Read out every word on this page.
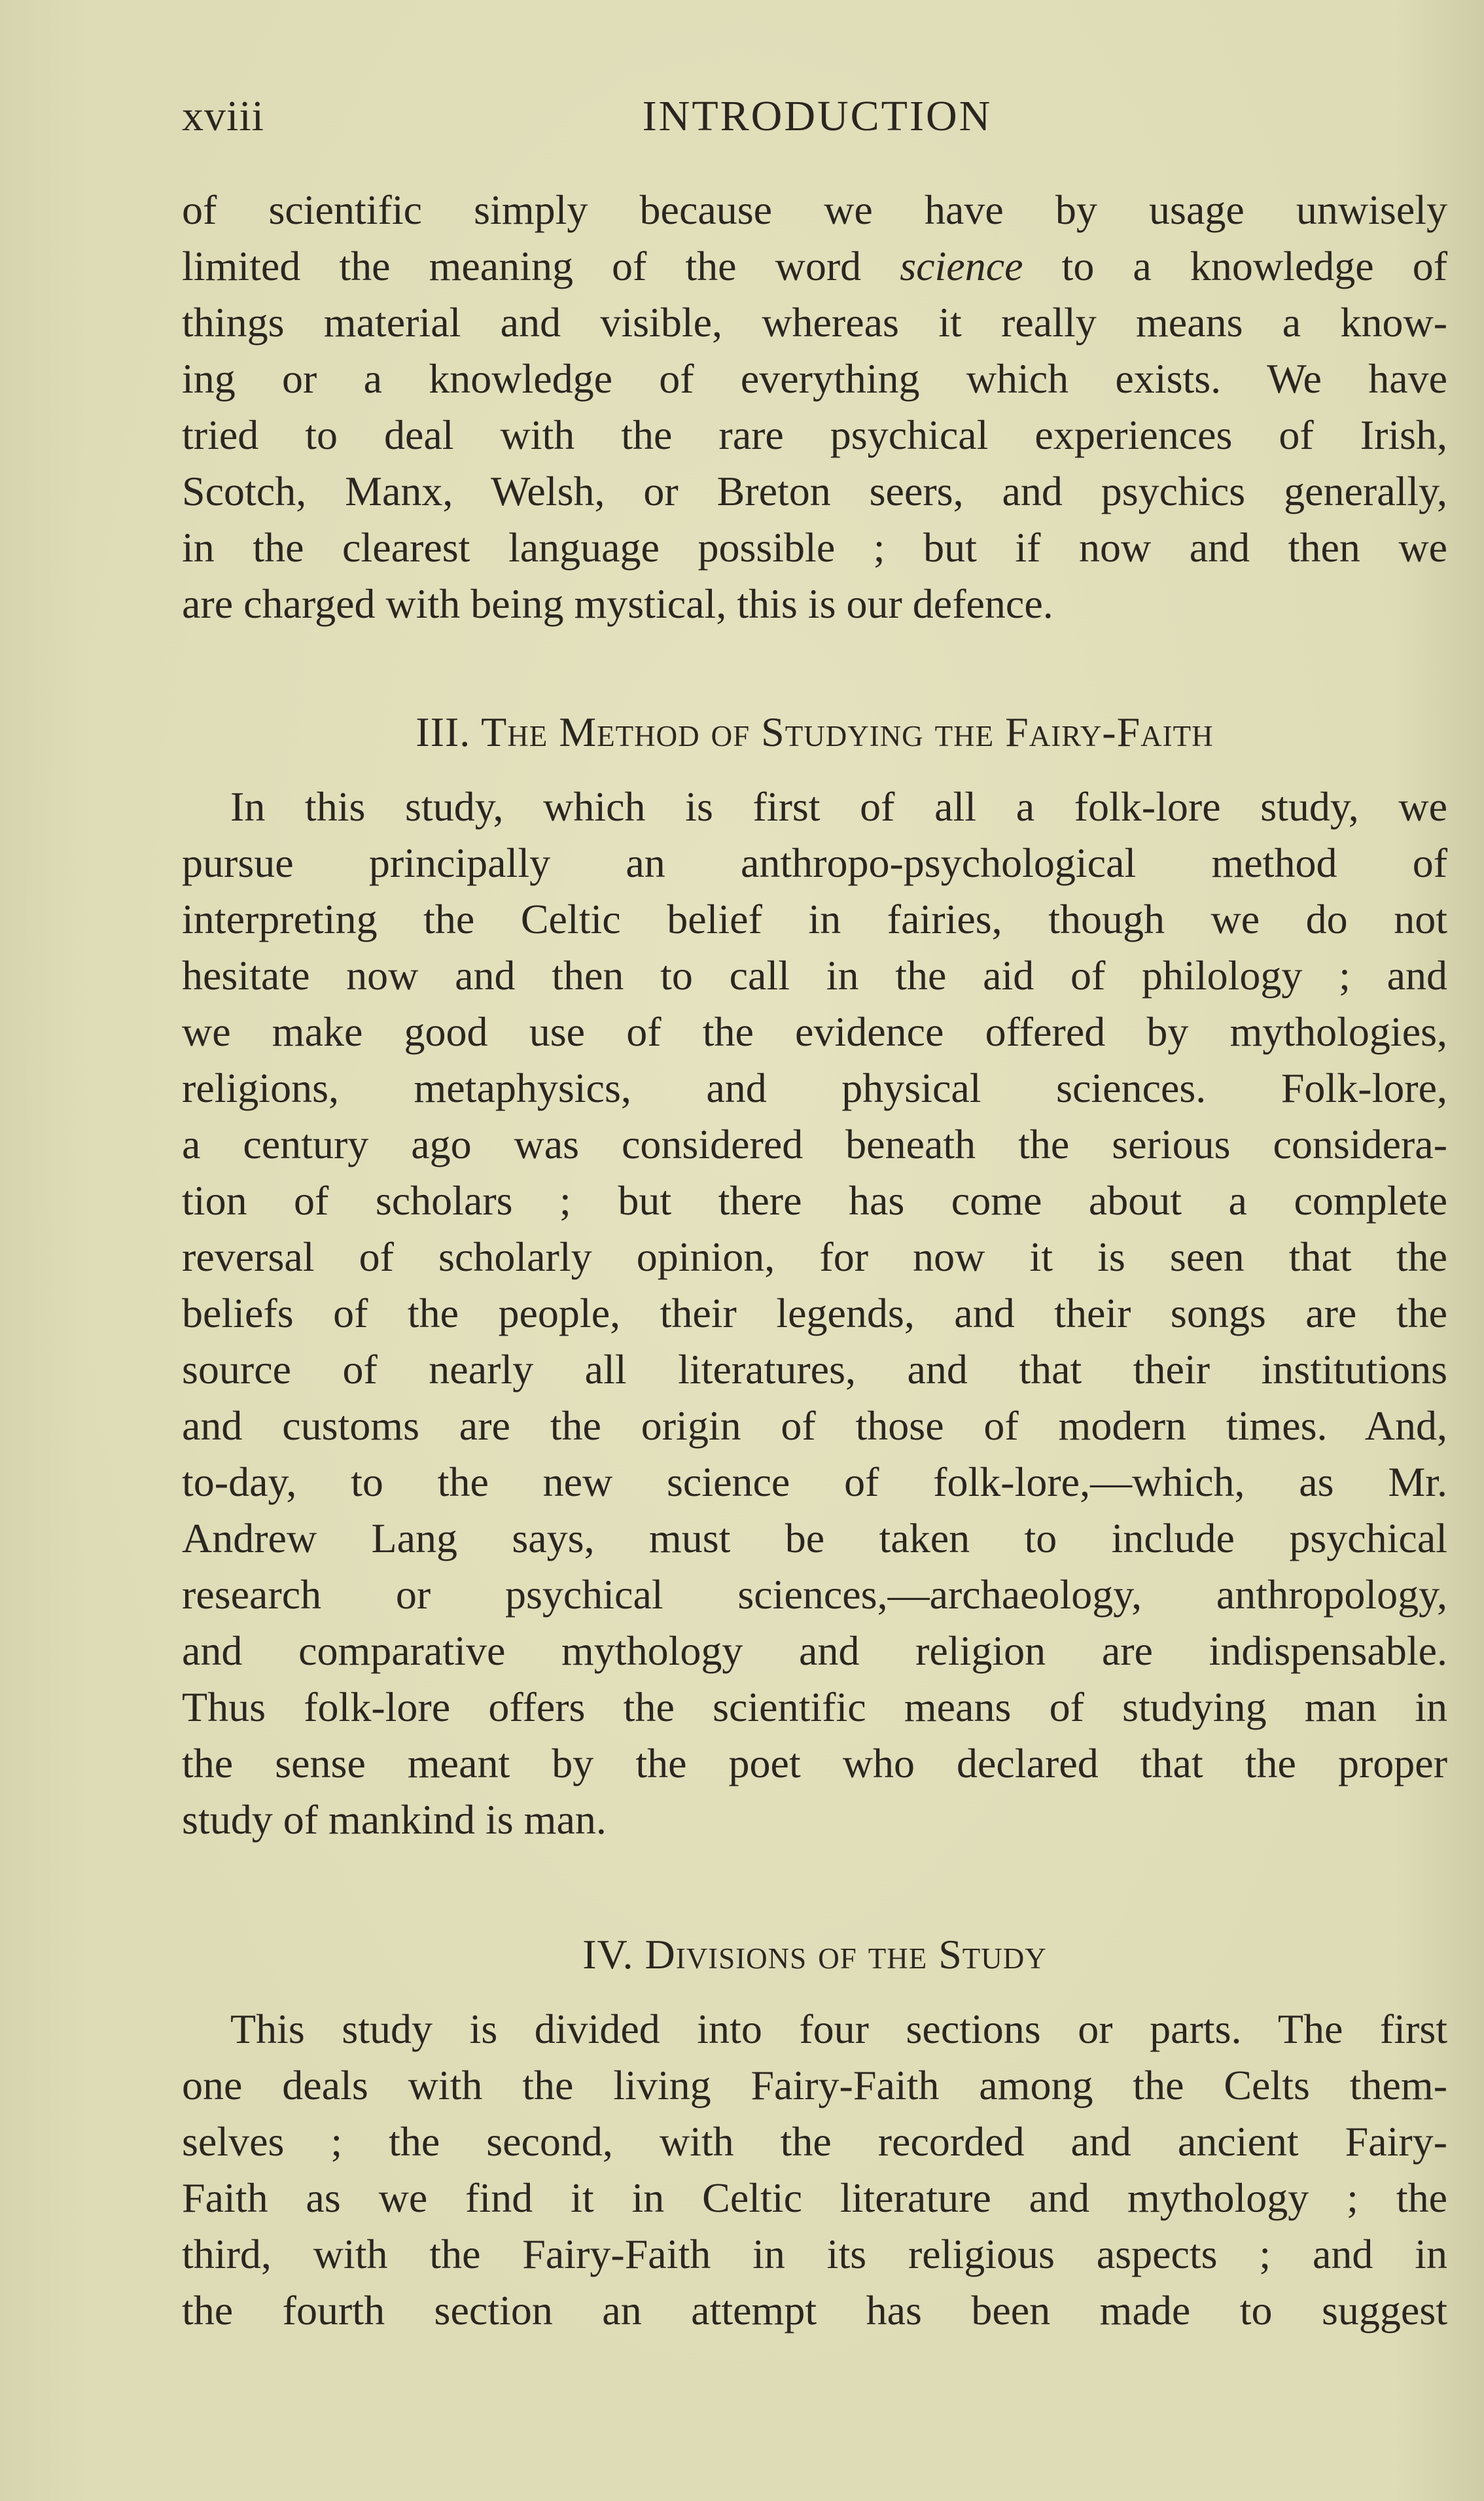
xviii	INTRODUCTION
of scientific simply because we have by usage unwisely
limited the meaning of the word science to a knowledge of
things material and visible, whereas it really means a know-
ing or a knowledge of everything which exists. We have
tried to deal with the rare psychical experiences of Irish,
Scotch, Manx, Welsh, or Breton seers, and psychics generally,
in the clearest language possible ; but if now and then we
are charged with being mystical, this is our defence.
III. The Method of Studying the Fairy-Faith
In this study, which is first of all a folk-lore study, we
pursue principally an anthropo-psychological method of
interpreting the Celtic belief in fairies, though we do not
hesitate now and then to call in the aid of philology ; and
we make good use of the evidence offered by mythologies,
religions, metaphysics, and physical sciences. Folk-lore,
a century ago was considered beneath the serious considera-
tion of scholars ; but there has come about a complete
reversal of scholarly opinion, for now it is seen that the
beliefs of the people, their legends, and their songs are the
source of nearly all literatures, and that their institutions
and customs are the origin of those of modern times. And,
to-day, to the new science of folk-lore,—which, as Mr.
Andrew Lang says, must be taken to include psychical
research or psychical sciences,—archaeology, anthropology,
and comparative mythology and religion are indispensable.
Thus folk-lore offers the scientific means of studying man in
the sense meant by the poet who declared that the proper
study of mankind is man.
IV. Divisions of the Study
This study is divided into four sections or parts. The first
one deals with the living Fairy-Faith among the Celts them-
selves ; the second, with the recorded and ancient Fairy-
Faith as we find it in Celtic literature and mythology ; the
third, with the Fairy-Faith in its religious aspects ; and in
the fourth section an attempt has been made to suggest
